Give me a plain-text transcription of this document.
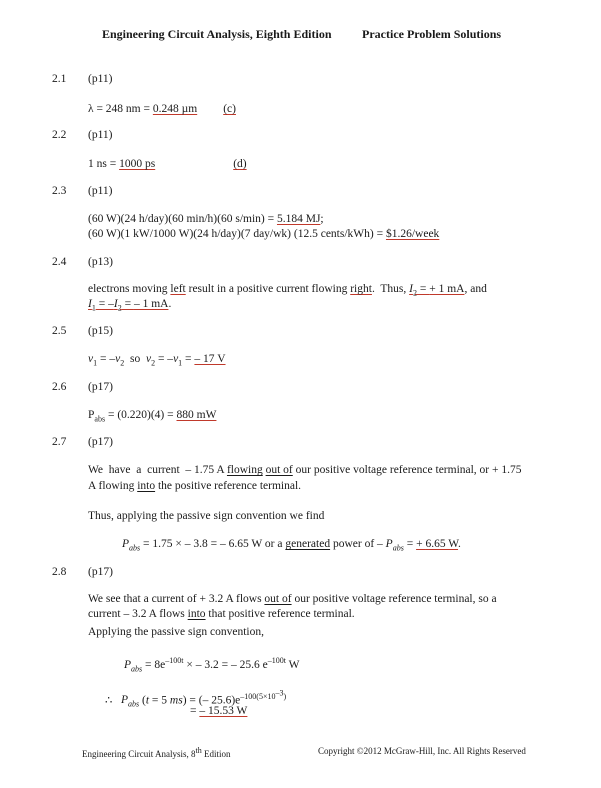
Engineering Circuit Analysis, Eighth Edition	Practice Problem Solutions
2.1 (p11)
λ = 248 nm = 0.248 µm (c)
2.2 (p11)
1 ns = 1000 ps	(d)
2.3 (p11)
(60 W)(24 h/day)(60 min/h)(60 s/min) = 5.184 MJ;
(60 W)(1 kW/1000 W)(24 h/day)(7 day/wk) (12.5 cents/kWh) = $1.26/week
2.4 (p13)
electrons moving left result in a positive current flowing right.  Thus, $I_2$ = + 1 mA, and
$I_1 = -I_2$ = – 1 mA.
2.5 (p15)
$v_1 = -v_2$  so  $v_2 = -v_1$ = – 17 V
2.6 (p17)
$P_{abs} = (0.220)(4) = 880$ mW
2.7 (p17)
We  have  a  current  – 1.75 A flowing out of our positive voltage reference terminal, or + 1.75
A flowing into the positive reference terminal.
Thus, applying the passive sign convention we find
$P_{abs} = 1.75$ × – 3.8 = – 6.65 W or a generated power of – $P_{abs}$ = + 6.65 W.
2.8 (p17)
We see that a current of + 3.2 A flows out of our positive voltage reference terminal, so a
current – 3.2 A flows into that positive reference terminal.
Applying the passive sign convention,
$P_{abs} = 8e^{-100t}$ × – 3.2 = – 25.6 $e^{-100t}$ W
∴   $P_{abs}$ (t = 5 ms) = (– $25.6)e^{-100(5\times 10^{-3})}$
= – 15.53 W
Engineering Circuit Analysis, 8th Edition	Copyright ©2012 McGraw-Hill, Inc. All Rights Reserved
